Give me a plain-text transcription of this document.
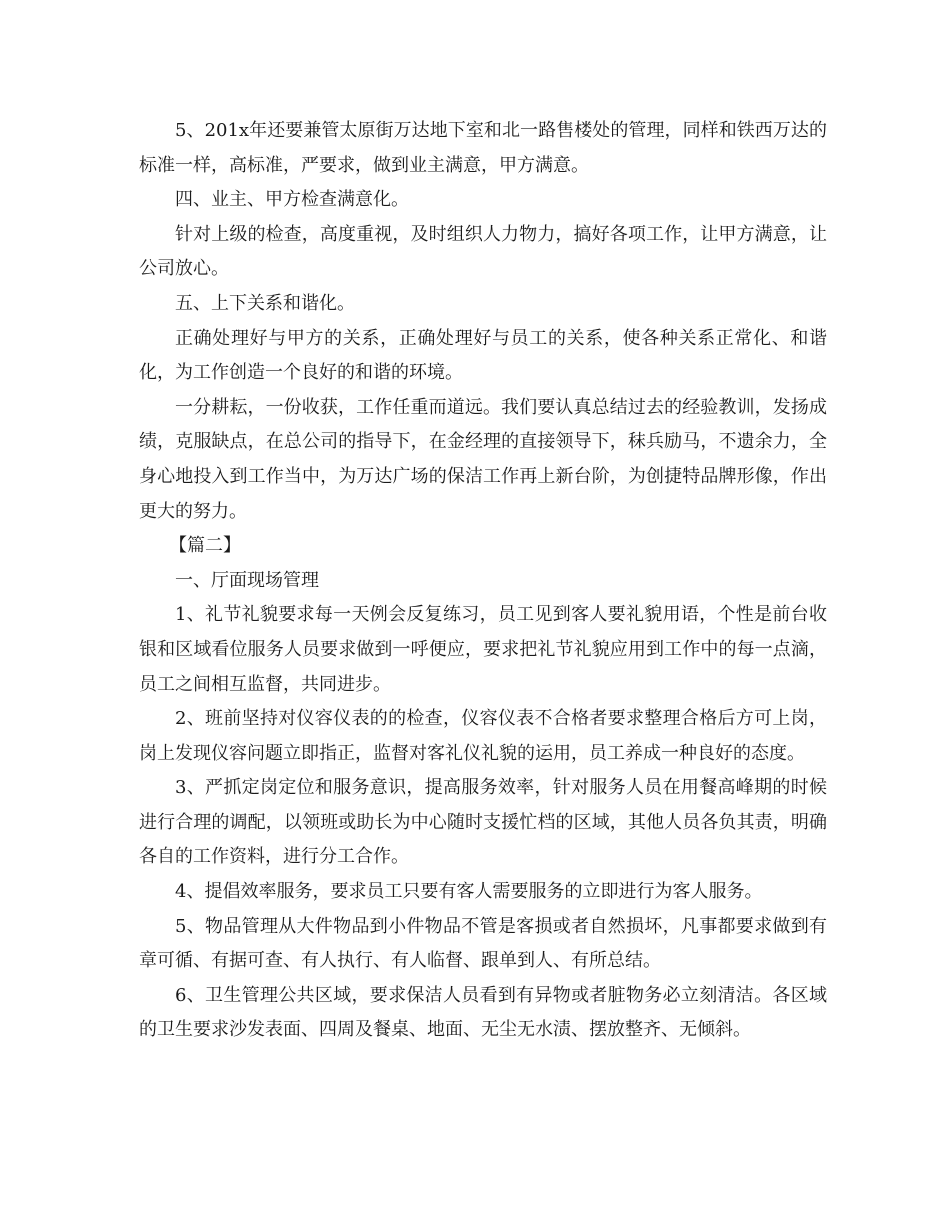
5、201x年还要兼管太原街万达地下室和北一路售楼处的管理，同样和铁西万达的标准一样，高标准，严要求，做到业主满意，甲方满意。

四、业主、甲方检查满意化。

针对上级的检查，高度重视，及时组织人力物力，搞好各项工作，让甲方满意，让公司放心。

五、上下关系和谐化。

正确处理好与甲方的关系，正确处理好与员工的关系，使各种关系正常化、和谐化，为工作创造一个良好的和谐的环境。

一分耕耘，一份收获，工作任重而道远。我们要认真总结过去的经验教训，发扬成绩，克服缺点，在总公司的指导下，在金经理的直接领导下，秣兵励马，不遗余力，全身心地投入到工作当中，为万达广场的保洁工作再上新台阶，为创捷特品牌形像，作出更大的努力。

【篇二】

一、厅面现场管理

1、礼节礼貌要求每一天例会反复练习，员工见到客人要礼貌用语，个性是前台收银和区域看位服务人员要求做到一呼便应，要求把礼节礼貌应用到工作中的每一点滴，员工之间相互监督，共同进步。

2、班前坚持对仪容仪表的的检查，仪容仪表不合格者要求整理合格后方可上岗，岗上发现仪容问题立即指正，监督对客礼仪礼貌的运用，员工养成一种良好的态度。

3、严抓定岗定位和服务意识，提高服务效率，针对服务人员在用餐高峰期的时候进行合理的调配，以领班或助长为中心随时支援忙档的区域，其他人员各负其责，明确各自的工作资料，进行分工合作。

4、提倡效率服务，要求员工只要有客人需要服务的立即进行为客人服务。

5、物品管理从大件物品到小件物品不管是客损或者自然损坏，凡事都要求做到有章可循、有据可查、有人执行、有人临督、跟单到人、有所总结。

6、卫生管理公共区域，要求保洁人员看到有异物或者脏物务必立刻清洁。各区域的卫生要求沙发表面、四周及餐桌、地面、无尘无水渍、摆放整齐、无倾斜。
